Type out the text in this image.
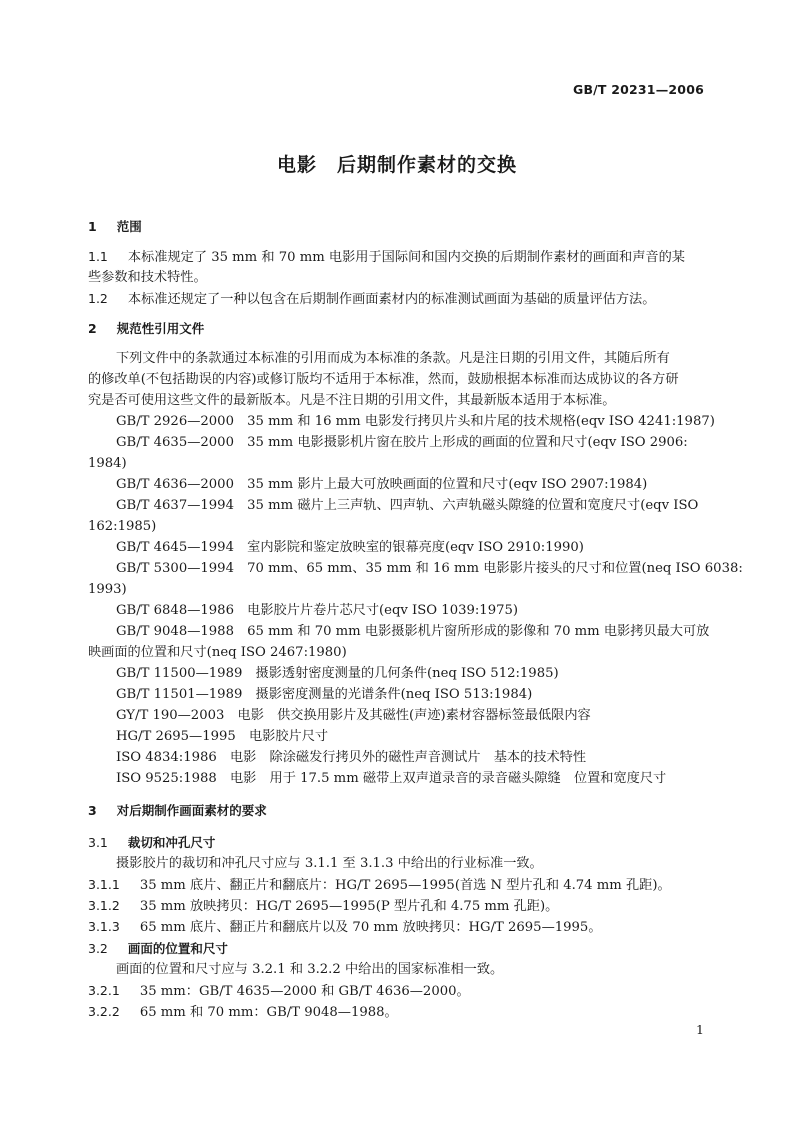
GB/T 20231—2006
电影　后期制作素材的交换
1 范围
1.1 本标准规定了 35 mm 和 70 mm 电影用于国际间和国内交换的后期制作素材的画面和声音的某
些参数和技术特性。
1.2 本标准还规定了一种以包含在后期制作画面素材内的标准测试画面为基础的质量评估方法。
2 规范性引用文件
下列文件中的条款通过本标准的引用而成为本标准的条款。凡是注日期的引用文件，其随后所有
的修改单(不包括勘误的内容)或修订版均不适用于本标准，然而，鼓励根据本标准而达成协议的各方研
究是否可使用这些文件的最新版本。凡是不注日期的引用文件，其最新版本适用于本标准。
GB/T 2926—2000　35 mm 和 16 mm 电影发行拷贝片头和片尾的技术规格(eqv ISO 4241:1987)
GB/T 4635—2000　35 mm 电影摄影机片窗在胶片上形成的画面的位置和尺寸(eqv ISO 2906:
1984)
GB/T 4636—2000　35 mm 影片上最大可放映画面的位置和尺寸(eqv ISO 2907:1984)
GB/T 4637—1994　35 mm 磁片上三声轨、四声轨、六声轨磁头隙缝的位置和宽度尺寸(eqv ISO
162:1985)
GB/T 4645—1994　室内影院和鉴定放映室的银幕亮度(eqv ISO 2910:1990)
GB/T 5300—1994　70 mm、65 mm、35 mm 和 16 mm 电影影片接头的尺寸和位置(neq ISO 6038:
1993)
GB/T 6848—1986　电影胶片片卷片芯尺寸(eqv ISO 1039:1975)
GB/T 9048—1988　65 mm 和 70 mm 电影摄影机片窗所形成的影像和 70 mm 电影拷贝最大可放
映画面的位置和尺寸(neq ISO 2467:1980)
GB/T 11500—1989　摄影透射密度测量的几何条件(neq ISO 512:1985)
GB/T 11501—1989　摄影密度测量的光谱条件(neq ISO 513:1984)
GY/T 190—2003　电影　供交换用影片及其磁性(声迹)素材容器标签最低限内容
HG/T 2695—1995　电影胶片尺寸
ISO 4834:1986　电影　除涂磁发行拷贝外的磁性声音测试片　基本的技术特性
ISO 9525:1988　电影　用于 17.5 mm 磁带上双声道录音的录音磁头隙缝　位置和宽度尺寸
3 对后期制作画面素材的要求
3.1 裁切和冲孔尺寸
摄影胶片的裁切和冲孔尺寸应与 3.1.1 至 3.1.3 中给出的行业标准一致。
3.1.1 35 mm 底片、翻正片和翻底片：HG/T 2695—1995(首选 N 型片孔和 4.74 mm 孔距)。
3.1.2 35 mm 放映拷贝：HG/T 2695—1995(P 型片孔和 4.75 mm 孔距)。
3.1.3 65 mm 底片、翻正片和翻底片以及 70 mm 放映拷贝：HG/T 2695—1995。
3.2 画面的位置和尺寸
画面的位置和尺寸应与 3.2.1 和 3.2.2 中给出的国家标准相一致。
3.2.1 35 mm：GB/T 4635—2000 和 GB/T 4636—2000。
3.2.2 65 mm 和 70 mm：GB/T 9048—1988。
1
